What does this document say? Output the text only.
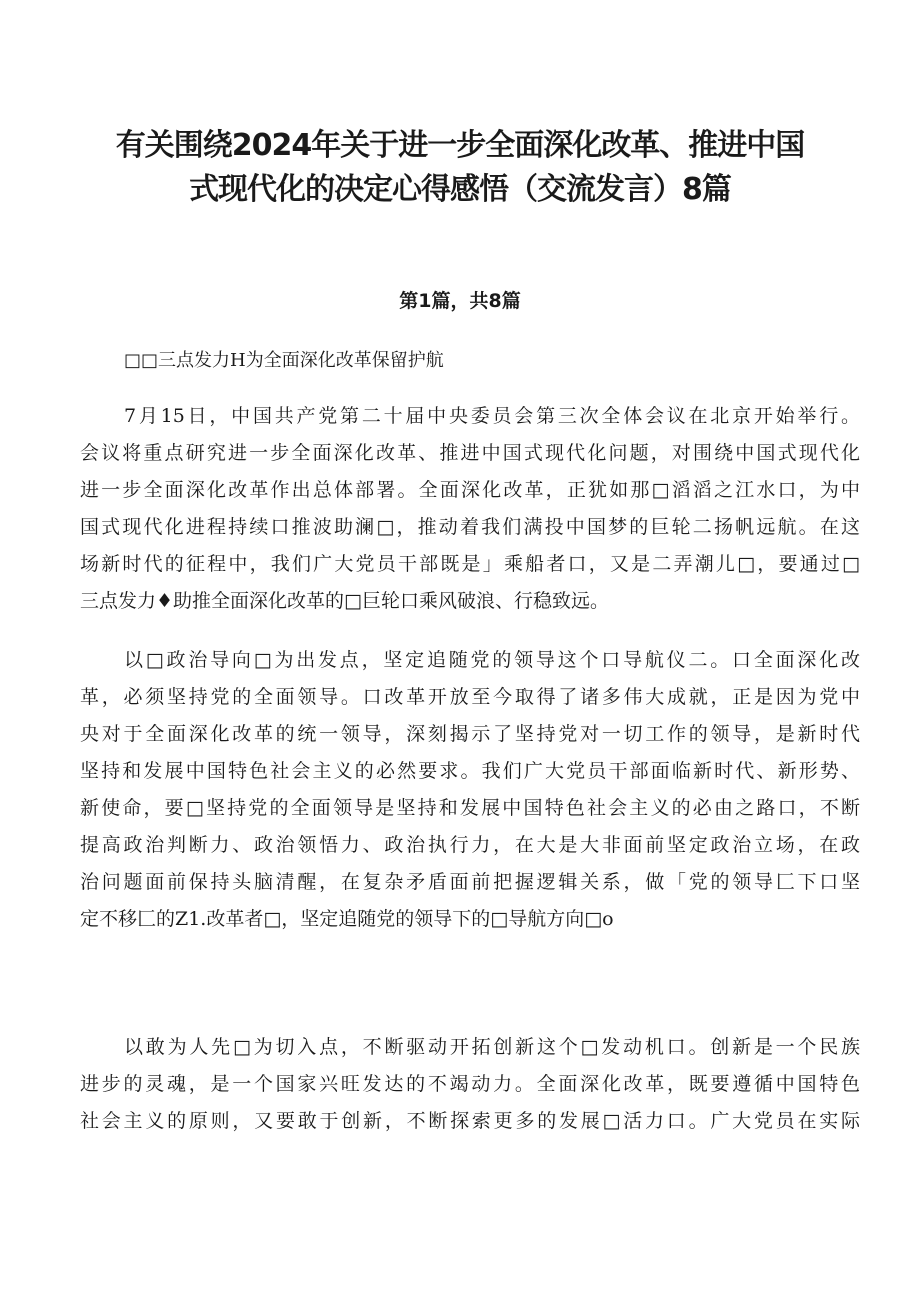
有关围绕2024年关于进一步全面深化改革、推进中国
式现代化的决定心得感悟（交流发言）8篇
第1篇，共8篇
□□三点发力H为全面深化改革保留护航
7月15日，中国共产党第二十届中央委员会第三次全体会议在北京开始举行。
会议将重点研究进一步全面深化改革、推进中国式现代化问题，对围绕中国式现代化
进一步全面深化改革作出总体部署。全面深化改革，正犹如那□滔滔之江水口，为中
国式现代化进程持续口推波助澜□，推动着我们满投中国梦的巨轮二扬帆远航。在这
场新时代的征程中，我们广大党员干部既是」乘船者口，又是二弄潮儿□，要通过□
三点发力♦助推全面深化改革的□巨轮口乘风破浪、行稳致远。
以□政治导向□为出发点，坚定追随党的领导这个口导航仪二。口全面深化改
革，必须坚持党的全面领导。口改革开放至今取得了诸多伟大成就，正是因为党中
央对于全面深化改革的统一领导，深刻揭示了坚持党对一切工作的领导，是新时代
坚持和发展中国特色社会主义的必然要求。我们广大党员干部面临新时代、新形势、
新使命，要□坚持党的全面领导是坚持和发展中国特色社会主义的必由之路口，不断
提高政治判断力、政治领悟力、政治执行力，在大是大非面前坚定政治立场，在政
治问题面前保持头脑清醒，在复杂矛盾面前把握逻辑关系，做「党的领导匚下口坚
定不移匚的Z1.改革者□，坚定追随党的领导下的□导航方向□o
以敢为人先□为切入点，不断驱动开拓创新这个□发动机口。创新是一个民族
进步的灵魂，是一个国家兴旺发达的不竭动力。全面深化改革，既要遵循中国特色
社会主义的原则，又要敢于创新，不断探索更多的发展□活力口。广大党员在实际
